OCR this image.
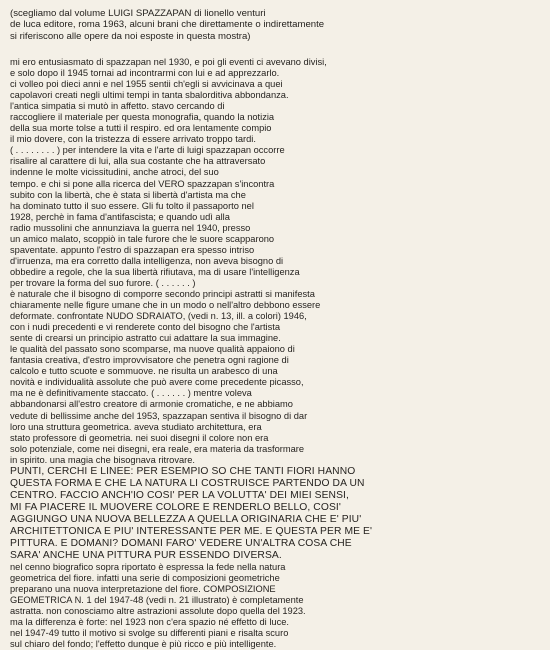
(scegliamo dal volume LUIGI SPAZZAPAN di lionello venturi
de luca editore, roma 1963, alcuni brani che direttamente o indirettamente
si riferiscono alle opere da noi esposte in questa mostra)
mi ero entusiasmato di spazzapan nel 1930, e poi gli eventi ci avevano divisi,
e solo dopo il 1945 tornai ad incontrarmi con lui e ad apprezzarlo.
ci volleo poi dieci anni e nel 1955 sentii ch'egli si avvicinava a quei
capolavori creati negli ultimi tempi in tanta sbalorditiva abbondanza.
l'antica simpatia si mutò in affetto. stavo cercando di
raccogliere il materiale per questa monografia, quando la notizia
della sua morte tolse a tutti il respiro. ed ora lentamente compio
il mio dovere, con la tristezza di essere arrivato troppo tardi.
( . . . . . . . . ) per intendere la vita e l'arte di luigi spazzapan occorre
risalire al carattere di lui, alla sua costante che ha attraversato
indenne le molte vicissitudini, anche atroci, del suo
tempo. e chi si pone alla ricerca del VERO spazzapan s'incontra
subito con la libertà, che è stata si libertà d'artista ma che
ha dominato tutto il suo essere. Gli fu tolto il passaporto nel
1928, perchè in fama d'antifascista; e quando udì alla
radio mussolini che annunziava la guerra nel 1940, presso
un amico malato, scoppiò in tale furore che le suore scapparono
spaventate. appunto l'estro di spazzapan era spesso intriso
d'irruenza, ma era corretto dalla intelligenza, non aveva bisogno di
obbedire a regole, che la sua libertà rifiutava, ma di usare l'intelligenza
per trovare la forma del suo furore. ( . . . . . . )
è naturale che il bisogno di comporre secondo principi astratti si manifesta
chiaramente nelle figure umane che in un modo o nell'altro debbono essere
deformate. confrontate NUDO SDRAIATO, (vedi n. 13, ill. a colori) 1946,
con i nudi precedenti e vi renderete conto del bisogno che l'artista
sente di crearsi un principio astratto cui adattare la sua immagine.
le qualità del passato sono scomparse, ma nuove qualità appaiono di
fantasia creativa, d'estro improvvisatore che penetra ogni ragione di
calcolo e tutto scuote e sommuove. ne risulta un arabesco di una
novità e individualità assolute che può avere come precedente picasso,
ma ne è definitivamente staccato. ( . . . . . . ) mentre voleva
abbandonarsi all'estro creatore di armonie cromatiche, e ne abbiamo
vedute di bellissime anche del 1953, spazzapan sentiva il bisogno di dar
loro una struttura geometrica. aveva studiato architettura, era
stato professore di geometria. nei suoi disegni il colore non era
solo potenziale, come nei disegni, era reale, era materia da trasformare
in spirito. una magia che bisognava ritrovare.
PUNTI, CERCHI E LINEE: PER ESEMPIO SO CHE TANTI FIORI HANNO
QUESTA FORMA E CHE LA NATURA LI COSTRUISCE PARTENDO DA UN
CENTRO. FACCIO ANCH'IO COSI' PER LA VOLUTTA' DEI MIEI SENSI,
MI FA PIACERE IL MUOVERE COLORE E RENDERLO BELLO, COSI'
AGGIUNGO UNA NUOVA BELLEZZA A QUELLA ORIGINARIA CHE E' PIU'
ARCHITETTONICA E PIU' INTERESSANTE PER ME. E QUESTA PER ME E'
PITTURA. E DOMANI? DOMANI FARO' VEDERE UN'ALTRA COSA CHE
SARA' ANCHE UNA PITTURA PUR ESSENDO DIVERSA.
nel cenno biografico sopra riportato è espressa la fede nella natura
geometrica del fiore. infatti una serie di composizioni geometriche
preparano una nuova interpretazione del fiore. COMPOSIZIONE
GEOMETRICA N. 1 del 1947-48 (vedi n. 21 illustrato) è completamente
astratta. non conosciamo altre astrazioni assolute dopo quella del 1923.
ma la differenza è forte: nel 1923 non c'era spazio né effetto di luce.
nel 1947-49 tutto il motivo si svolge su differenti piani e risalta scuro
sul chiaro del fondo; l'effetto dunque è più ricco e più intelligente.
